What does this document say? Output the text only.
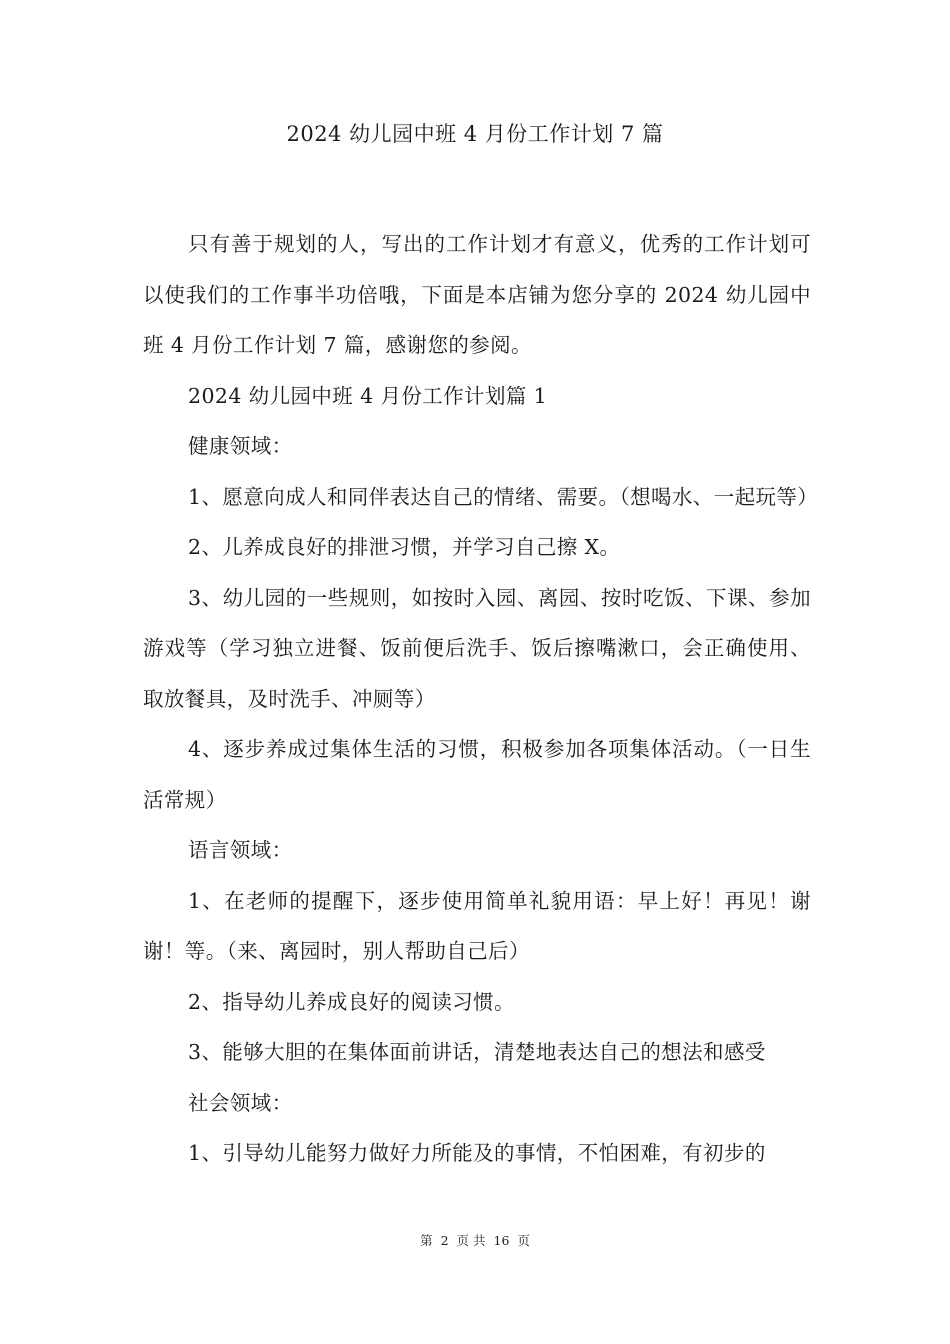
2024 幼儿园中班 4 月份工作计划 7 篇

只有善于规划的人，写出的工作计划才有意义，优秀的工作计划可以使我们的工作事半功倍哦，下面是本店铺为您分享的 2024 幼儿园中班 4 月份工作计划 7 篇，感谢您的参阅。

2024 幼儿园中班 4 月份工作计划篇 1

健康领域：

1、愿意向成人和同伴表达自己的情绪、需要。（想喝水、一起玩等）

2、儿养成良好的排泄习惯，并学习自己擦 X。

3、幼儿园的一些规则，如按时入园、离园、按时吃饭、下课、参加游戏等（学习独立进餐、饭前便后洗手、饭后擦嘴漱口，会正确使用、取放餐具，及时洗手、冲厕等）

4、逐步养成过集体生活的习惯，积极参加各项集体活动。（一日生活常规）

语言领域：

1、在老师的提醒下，逐步使用简单礼貌用语：早上好！再见！谢谢！等。（来、离园时，别人帮助自己后）

2、指导幼儿养成良好的阅读习惯。

3、能够大胆的在集体面前讲话，清楚地表达自己的想法和感受

社会领域：

1、引导幼儿能努力做好力所能及的事情，不怕困难，有初步的

第 2 页 共 16 页
